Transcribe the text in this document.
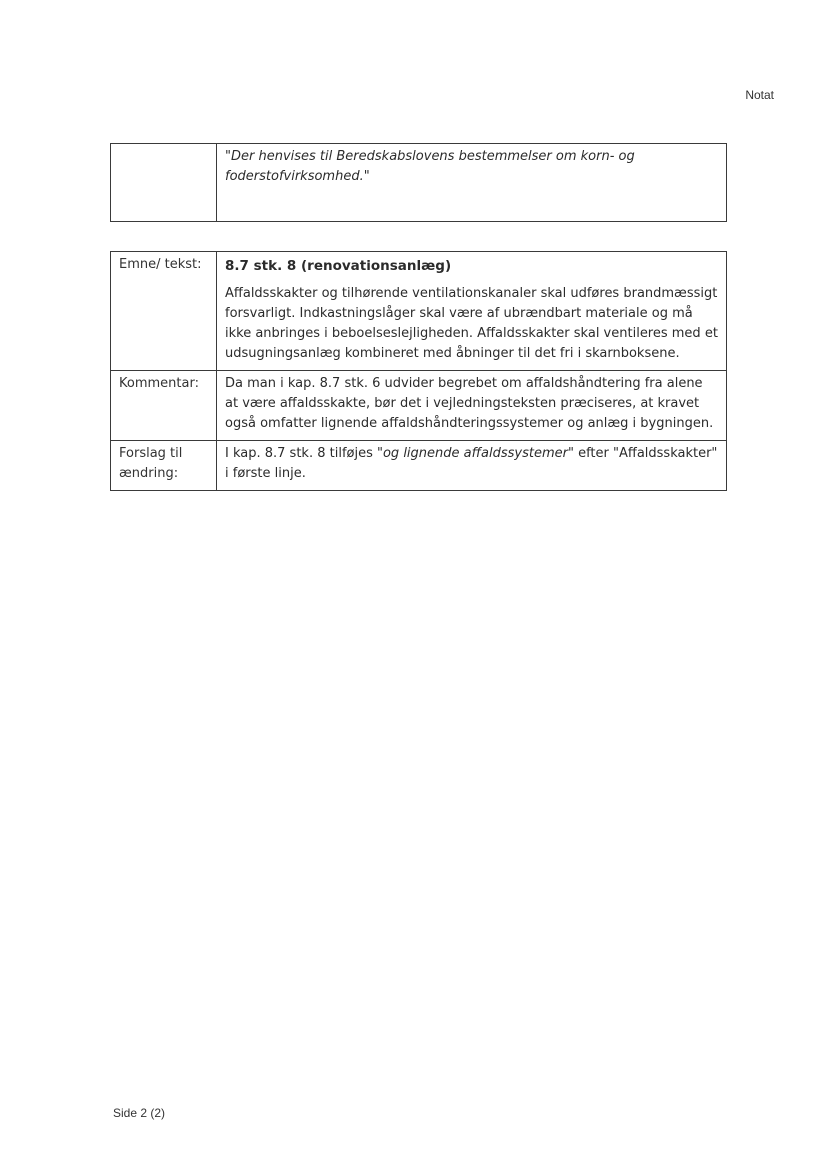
Notat
	"Der henvises til Beredskabslovens bestemmelser om korn- og foderstofvirksomhed."
Emne/ tekst:	8.7 stk. 8 (renovationsanlæg)
Affaldsskakter og tilhørende ventilationskanaler skal udføres brandmæssigt forsvarligt. Indkastningslåger skal være af ubrændbart materiale og må ikke anbringes i beboelseslejligheden. Affaldsskakter skal ventileres med et udsugningsanlæg kombineret med åbninger til det fri i skarnboksene.

Kommentar:	Da man i kap. 8.7 stk. 6 udvider begrebet om affaldshåndtering fra alene at være affaldsskakte, bør det i vejledningsteksten præciseres, at kravet også omfatter lignende affaldshåndteringssystemer og anlæg i bygningen.
Forslag til ændring:	I kap. 8.7 stk. 8 tilføjes "og lignende affaldssystemer" efter "Affaldsskakter" i første linje.
Side 2 (2)
